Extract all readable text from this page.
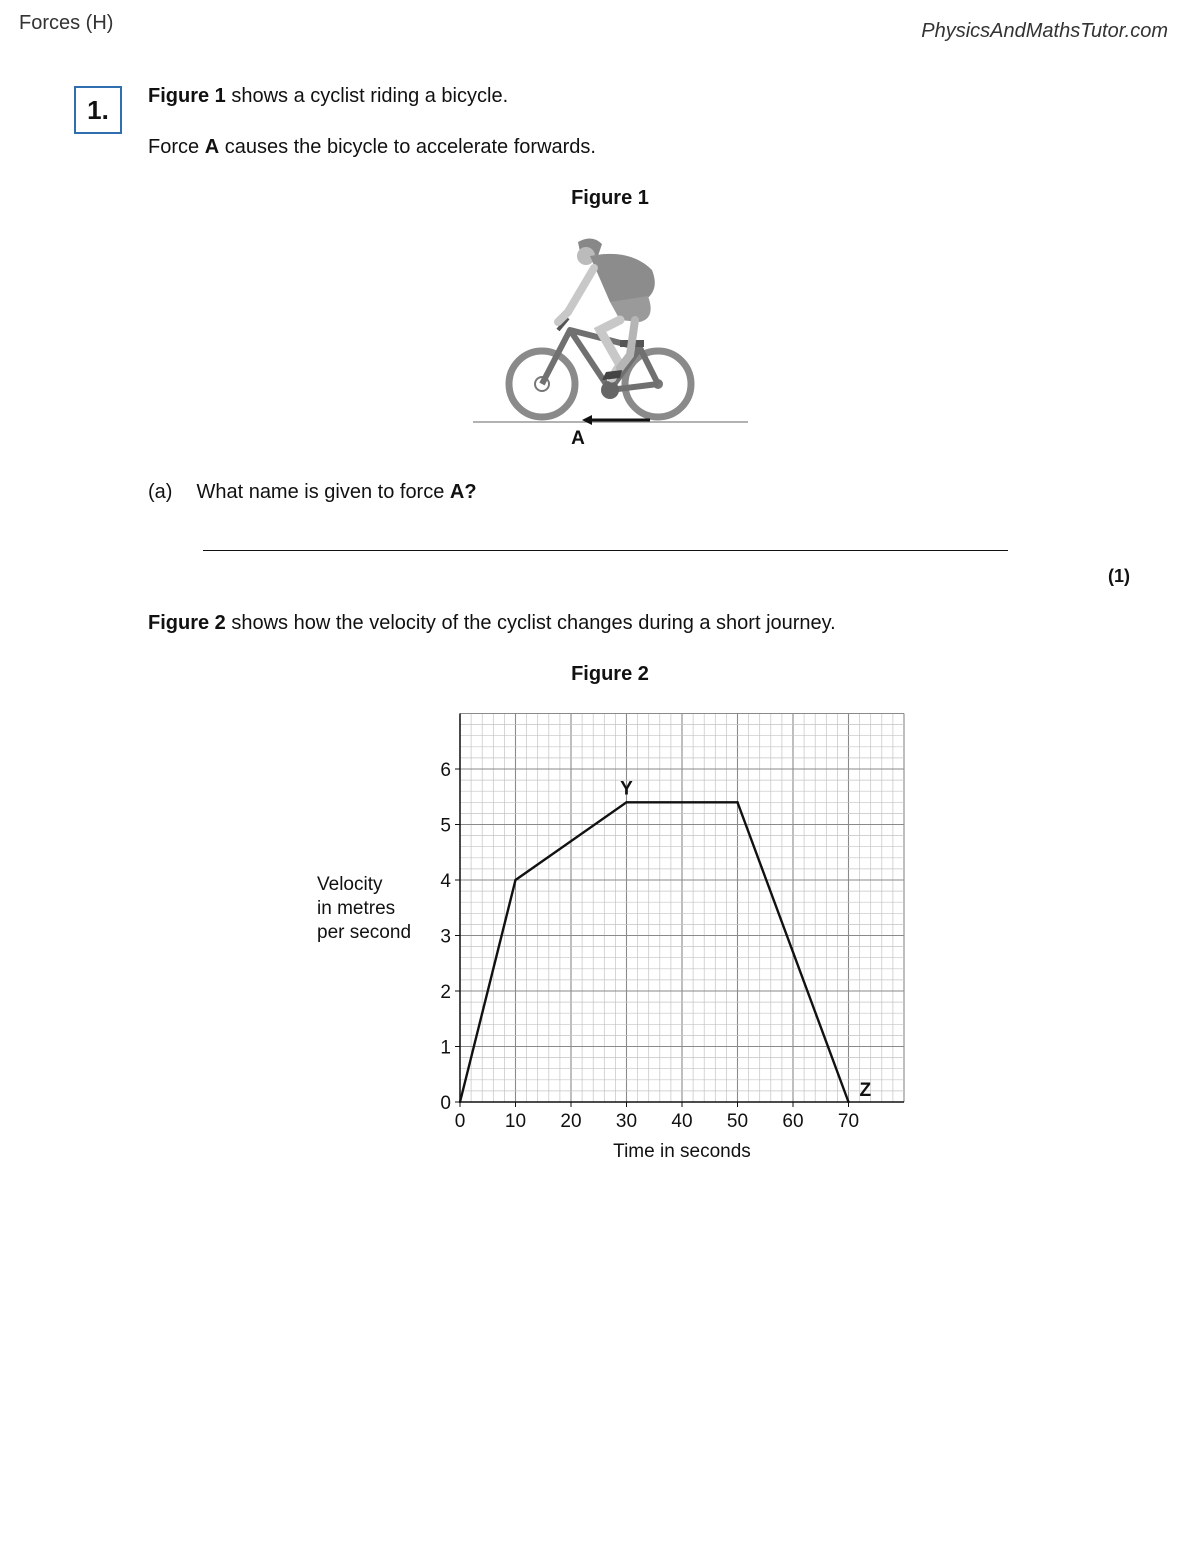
Forces (H)	PhysicsAndMathsTutor.com
1.	Figure 1 shows a cyclist riding a bicycle.
Force A causes the bicycle to accelerate forwards.
Figure 1
A
(a) What name is given to force A?
(1)
Figure 2 shows how the velocity of the cyclist changes during a short journey.
Figure 2
0 10 20 30 40 50 60 70
0
1
2
3
4
5
6
Y
Z
Time in seconds
Velocity
in metres
per second
